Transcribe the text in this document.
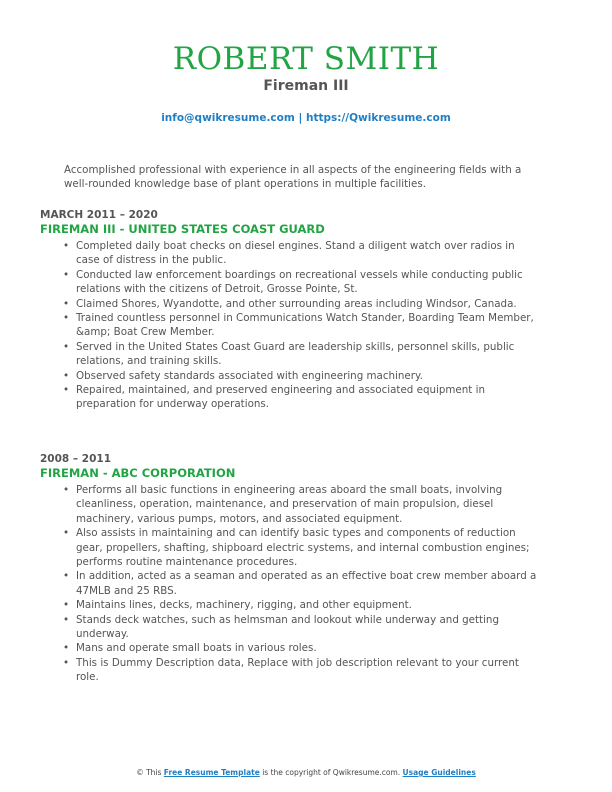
ROBERT SMITH
Fireman III
info@qwikresume.com | https://Qwikresume.com
Accomplished professional with experience in all aspects of the engineering fields with a well-rounded knowledge base of plant operations in multiple facilities.
MARCH 2011 – 2020
FIREMAN III - UNITED STATES COAST GUARD
• Completed daily boat checks on diesel engines. Stand a diligent watch over radios in case of distress in the public.
• Conducted law enforcement boardings on recreational vessels while conducting public relations with the citizens of Detroit, Grosse Pointe, St.
• Claimed Shores, Wyandotte, and other surrounding areas including Windsor, Canada.
• Trained countless personnel in Communications Watch Stander, Boarding Team Member, &amp; Boat Crew Member.
• Served in the United States Coast Guard are leadership skills, personnel skills, public relations, and training skills.
• Observed safety standards associated with engineering machinery.
• Repaired, maintained, and preserved engineering and associated equipment in preparation for underway operations.
2008 – 2011
FIREMAN - ABC CORPORATION
• Performs all basic functions in engineering areas aboard the small boats, involving cleanliness, operation, maintenance, and preservation of main propulsion, diesel machinery, various pumps, motors, and associated equipment.
• Also assists in maintaining and can identify basic types and components of reduction gear, propellers, shafting, shipboard electric systems, and internal combustion engines; performs routine maintenance procedures.
• In addition, acted as a seaman and operated as an effective boat crew member aboard a 47MLB and 25 RBS.
• Maintains lines, decks, machinery, rigging, and other equipment.
• Stands deck watches, such as helmsman and lookout while underway and getting underway.
• Mans and operate small boats in various roles.
• This is Dummy Description data, Replace with job description relevant to your current role.
© This Free Resume Template is the copyright of Qwikresume.com. Usage Guidelines
